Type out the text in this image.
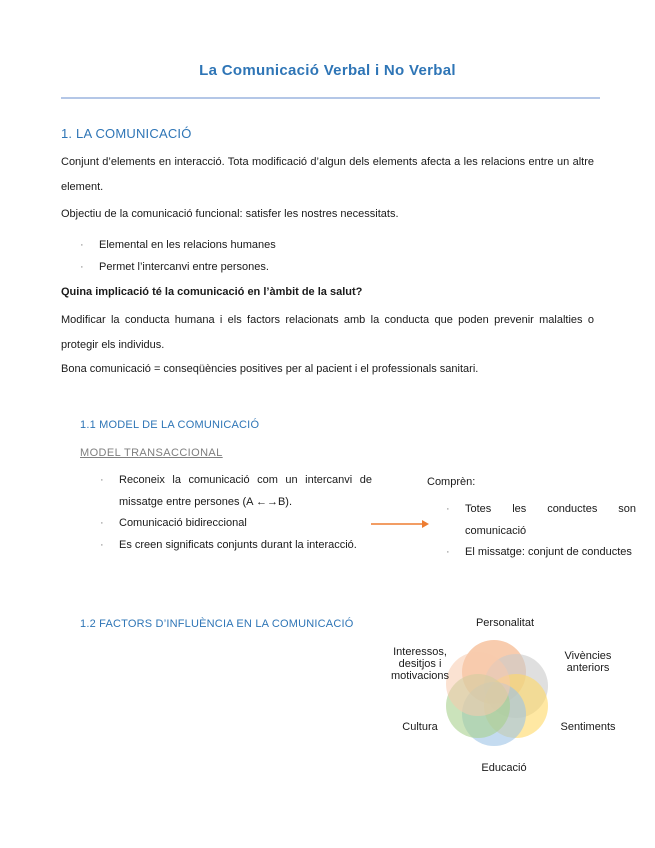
La Comunicació Verbal i No Verbal
1. LA COMUNICACIÓ
Conjunt d’elements en interacció. Tota modificació d’algun dels elements afecta a les relacions entre un altre element.
Objectiu de la comunicació funcional: satisfer les nostres necessitats.
· Elemental en les relacions humanes
· Permet l’intercanvi entre persones.
Quina implicació té la comunicació en l’àmbit de la salut?
Modificar la conducta humana i els factors relacionats amb la conducta que poden prevenir malalties o protegir els individus.
Bona comunicació = conseqüències positives per al pacient i el professionals sanitari.
1.1 MODEL DE LA COMUNICACIÓ
MODEL TRANSACCIONAL
· Reconeix la comunicació com un intercanvi de missatge entre persones (A ←→B).
· Comunicació bidireccional
· Es creen significats conjunts durant la interacció.
Comprèn:
· Totes les conductes son comunicació
· El missatge: conjunt de conductes
1.2 FACTORS D’INFLUÈNCIA EN LA COMUNICACIÓ	Personalitat
Vivències anteriors
Sentiments
Educació
Cultura
Interessos, desitjos i motivacions
